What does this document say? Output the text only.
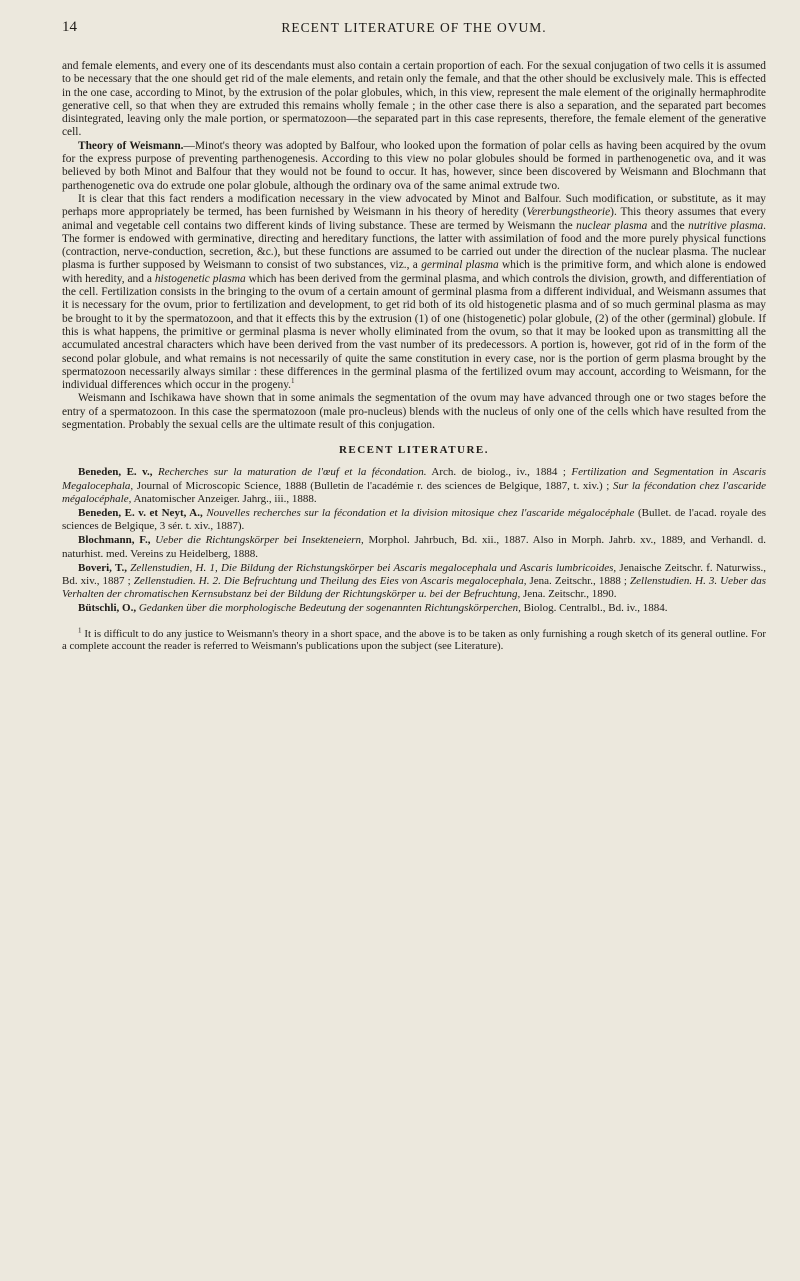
14	RECENT LITERATURE OF THE OVUM.

and female elements, and every one of its descendants must also contain a certain proportion of each. For the sexual conjugation of two cells it is assumed to be necessary that the one should get rid of the male elements, and retain only the female, and that the other should be exclusively male. This is effected in the one case, according to Minot, by the extrusion of the polar globules, which, in this view, represent the male element of the originally hermaphrodite generative cell, so that when they are extruded this remains wholly female ; in the other case there is also a separation, and the separated part becomes disintegrated, leaving only the male portion, or spermatozoon—the separated part in this case represents, therefore, the female element of the generative cell.

Theory of Weismann.—Minot's theory was adopted by Balfour, who looked upon the formation of polar cells as having been acquired by the ovum for the express purpose of preventing parthenogenesis. According to this view no polar globules should be formed in parthenogenetic ova, and it was believed by both Minot and Balfour that they would not be found to occur. It has, however, since been discovered by Weismann and Blochmann that parthenogenetic ova do extrude one polar globule, although the ordinary ova of the same animal extrude two.

It is clear that this fact renders a modification necessary in the view advocated by Minot and Balfour. Such modification, or substitute, as it may perhaps more appropriately be termed, has been furnished by Weismann in his theory of heredity (Vererbungstheorie). This theory assumes that every animal and vegetable cell contains two different kinds of living substance. These are termed by Weismann the nuclear plasma and the nutritive plasma. The former is endowed with germinative, directing and hereditary functions, the latter with assimilation of food and the more purely physical functions (contraction, nerve-conduction, secretion, &c.), but these functions are assumed to be carried out under the direction of the nuclear plasma. The nuclear plasma is further supposed by Weismann to consist of two substances, viz., a germinal plasma which is the primitive form, and which alone is endowed with heredity, and a histogenetic plasma which has been derived from the germinal plasma, and which controls the division, growth, and differentiation of the cell. Fertilization consists in the bringing to the ovum of a certain amount of germinal plasma from a different individual, and Weismann assumes that it is necessary for the ovum, prior to fertilization and development, to get rid both of its old histogenetic plasma and of so much germinal plasma as may be brought to it by the spermatozoon, and that it effects this by the extrusion (1) of one (histogenetic) polar globule, (2) of the other (germinal) globule. If this is what happens, the primitive or germinal plasma is never wholly eliminated from the ovum, so that it may be looked upon as transmitting all the accumulated ancestral characters which have been derived from the vast number of its predecessors. A portion is, however, got rid of in the form of the second polar globule, and what remains is not necessarily of quite the same constitution in every case, nor is the portion of germ plasma brought by the spermatozoon necessarily always similar : these differences in the germinal plasma of the fertilized ovum may account, according to Weismann, for the individual differences which occur in the progeny.$^1$

Weismann and Ischikawa have shown that in some animals the segmentation of the ovum may have advanced through one or two stages before the entry of a spermatozoon. In this case the spermatozoon (male pro-nucleus) blends with the nucleus of only one of the cells which have resulted from the segmentation. Probably the sexual cells are the ultimate result of this conjugation.

RECENT LITERATURE.

Beneden, E. v., Recherches sur la maturation de l'œuf et la fécondation. Arch. de biolog., iv., 1884 ; Fertilization and Segmentation in Ascaris Megalocephala, Journal of Microscopic Science, 1888 (Bulletin de l'académie r. des sciences de Belgique, 1887, t. xiv.) ; Sur la fécondation chez l'ascaride mégalocéphale, Anatomischer Anzeiger. Jahrg., iii., 1888.

Beneden, E. v. et Neyt, A., Nouvelles recherches sur la fécondation et la division mitosique chez l'ascaride mégalocéphale (Bullet. de l'acad. royale des sciences de Belgique, 3 sér. t. xiv., 1887).

Blochmann, F., Ueber die Richtungskörper bei Insekteneiern, Morphol. Jahrbuch, Bd. xii., 1887. Also in Morph. Jahrb. xv., 1889, and Verhandl. d. naturhist. med. Vereins zu Heidelberg, 1888.

Boveri, T., Zellenstudien, H. 1, Die Bildung der Richstungskörper bei Ascaris megalocephala und Ascaris lumbricoides, Jenaische Zeitschr. f. Naturwiss., Bd. xiv., 1887 ; Zellenstudien. H. 2. Die Befruchtung und Theilung des Eies von Ascaris megalocephala, Jena. Zeitschr., 1888 ; Zellenstudien. H. 3. Ueber das Verhalten der chromatischen Kernsubstanz bei der Bildung der Richtungskörper u. bei der Befruchtung, Jena. Zeitschr., 1890.

Bütschli, O., Gedanken über die morphologische Bedeutung der sogenannten Richtungskörperchen, Biolog. Centralbl., Bd. iv., 1884.

$^1$ It is difficult to do any justice to Weismann's theory in a short space, and the above is to be taken as only furnishing a rough sketch of its general outline. For a complete account the reader is referred to Weismann's publications upon the subject (see Literature).
